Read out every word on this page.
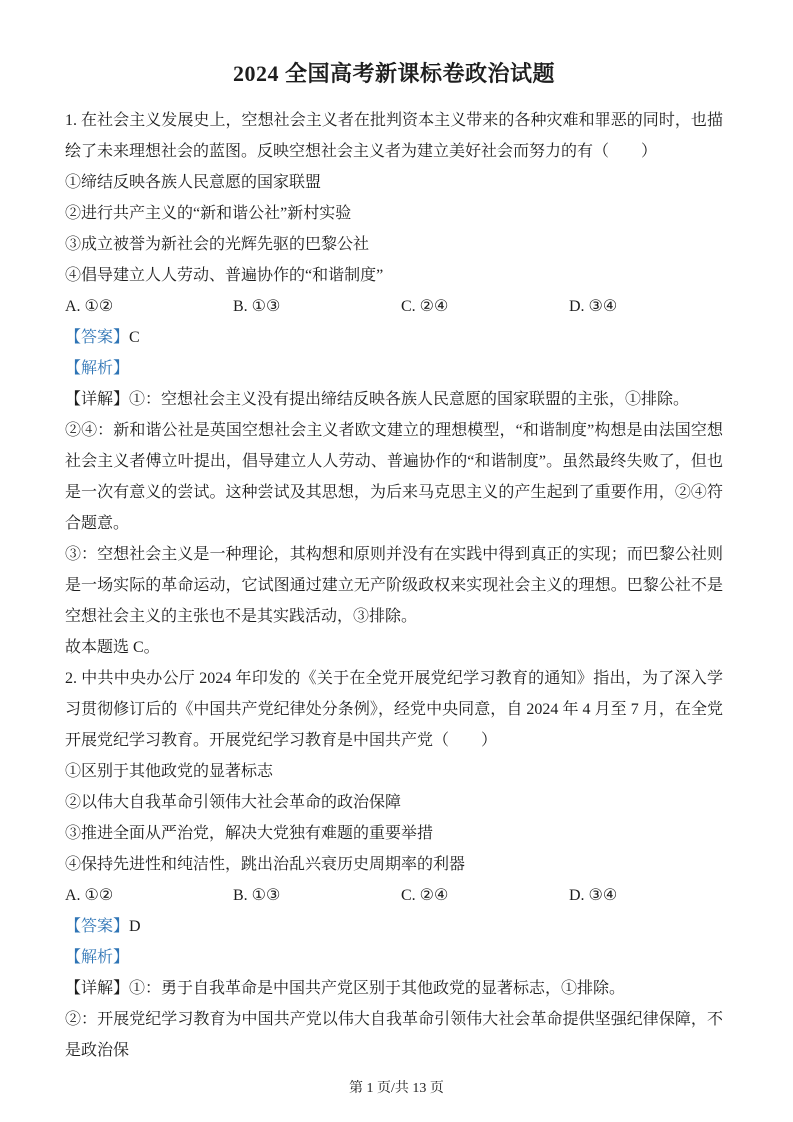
2024 全国高考新课标卷政治试题

1. 在社会主义发展史上，空想社会主义者在批判资本主义带来的各种灾难和罪恶的同时，也描绘了未来理想社会的蓝图。反映空想社会主义者为建立美好社会而努力的有（　　）

①缔结反映各族人民意愿的国家联盟

②进行共产主义的“新和谐公社”新村实验

③成立被誉为新社会的光辉先驱的巴黎公社

④倡导建立人人劳动、普遍协作的“和谐制度”

A. ①②	B. ①③	C. ②④	D. ③④

【答案】C

【解析】

【详解】①：空想社会主义没有提出缔结反映各族人民意愿的国家联盟的主张，①排除。

②④：新和谐公社是英国空想社会主义者欧文建立的理想模型，“和谐制度”构想是由法国空想社会主义者傅立叶提出，倡导建立人人劳动、普遍协作的“和谐制度”。虽然最终失败了，但也是一次有意义的尝试。这种尝试及其思想，为后来马克思主义的产生起到了重要作用，②④符合题意。

③：空想社会主义是一种理论，其构想和原则并没有在实践中得到真正的实现；而巴黎公社则是一场实际的革命运动，它试图通过建立无产阶级政权来实现社会主义的理想。巴黎公社不是空想社会主义的主张也不是其实践活动，③排除。

故本题选 C。

2. 中共中央办公厅 2024 年印发的《关于在全党开展党纪学习教育的通知》指出，为了深入学习贯彻修订后的《中国共产党纪律处分条例》，经党中央同意，自 2024 年 4 月至 7 月，在全党开展党纪学习教育。开展党纪学习教育是中国共产党（　　）

①区别于其他政党的显著标志

②以伟大自我革命引领伟大社会革命的政治保障

③推进全面从严治党，解决大党独有难题的重要举措

④保持先进性和纯洁性，跳出治乱兴衰历史周期率的利器

A. ①②	B. ①③	C. ②④	D. ③④

【答案】D

【解析】

【详解】①：勇于自我革命是中国共产党区别于其他政党的显著标志，①排除。

②：开展党纪学习教育为中国共产党以伟大自我革命引领伟大社会革命提供坚强纪律保障，不是政治保

第 1 页/共 13 页
